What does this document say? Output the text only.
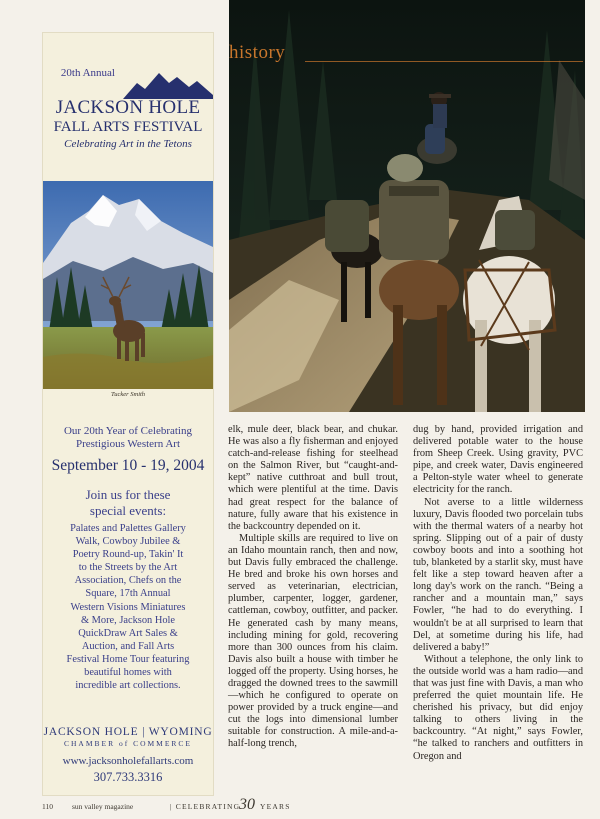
20th Annual
JACKSON HOLE
FALL ARTS FESTIVAL
Celebrating Art in the Tetons
Tucker Smith
Our 20th Year of Celebrating
Prestigious Western Art
September 10 - 19, 2004
Join us for these
special events:
Palates and Palettes Gallery
Walk, Cowboy Jubilee &
Poetry Round-up, Takin' It
to the Streets by the Art
Association, Chefs on the
Square, 17th Annual
Western Visions Miniatures
& More, Jackson Hole
QuickDraw Art Sales &
Auction, and Fall Arts
Festival Home Tour featuring
beautiful homes with
incredible art collections.
JACKSON HOLE | WYOMING
CHAMBER of COMMERCE
www.jacksonholefallarts.com
307.733.3316
history

elk, mule deer, black bear, and chukar. He was also a fly fisherman and enjoyed catch-and-release fishing for steelhead on the Salmon River, but “caught-and-kept” native cutthroat and bull trout, which were plentiful at the time. Davis had great respect for the balance of nature, fully aware that his existence in the backcountry depended on it.

Multiple skills are required to live on an Idaho mountain ranch, then and now, but Davis fully embraced the challenge. He bred and broke his own horses and served as veterinarian, electrician, plumber, carpenter, logger, gardener, cattleman, cowboy, outfitter, and packer. He generated cash by many means, including mining for gold, recovering more than 300 ounces from his claim. Davis also built a house with timber he logged off the property. Using horses, he dragged the downed trees to the sawmill—which he configured to operate on power provided by a truck engine—and cut the logs into dimensional lumber suitable for construction. A mile-and-a-half-long trench,

dug by hand, provided irrigation and delivered potable water to the house from Sheep Creek. Using gravity, PVC pipe, and creek water, Davis engineered a Pelton-style water wheel to generate electricity for the ranch.

Not averse to a little wilderness luxury, Davis flooded two porcelain tubs with the thermal waters of a nearby hot spring. Slipping out of a pair of dusty cowboy boots and into a soothing hot tub, blanketed by a starlit sky, must have felt like a step toward heaven after a long day's work on the ranch. “Being a rancher and a mountain man,” says Fowler, “he had to do everything. I wouldn't be at all surprised to learn that Del, at sometime during his life, had delivered a baby!”

Without a telephone, the only link to the outside world was a ham radio—and that was just fine with Davis, a man who preferred the quiet mountain life. He cherished his privacy, but did enjoy talking to others living in the backcountry. “At night,” says Fowler, “he talked to ranchers and outfitters in Oregon and

110	sun valley magazine	| CELEBRATING
30 YEARS
